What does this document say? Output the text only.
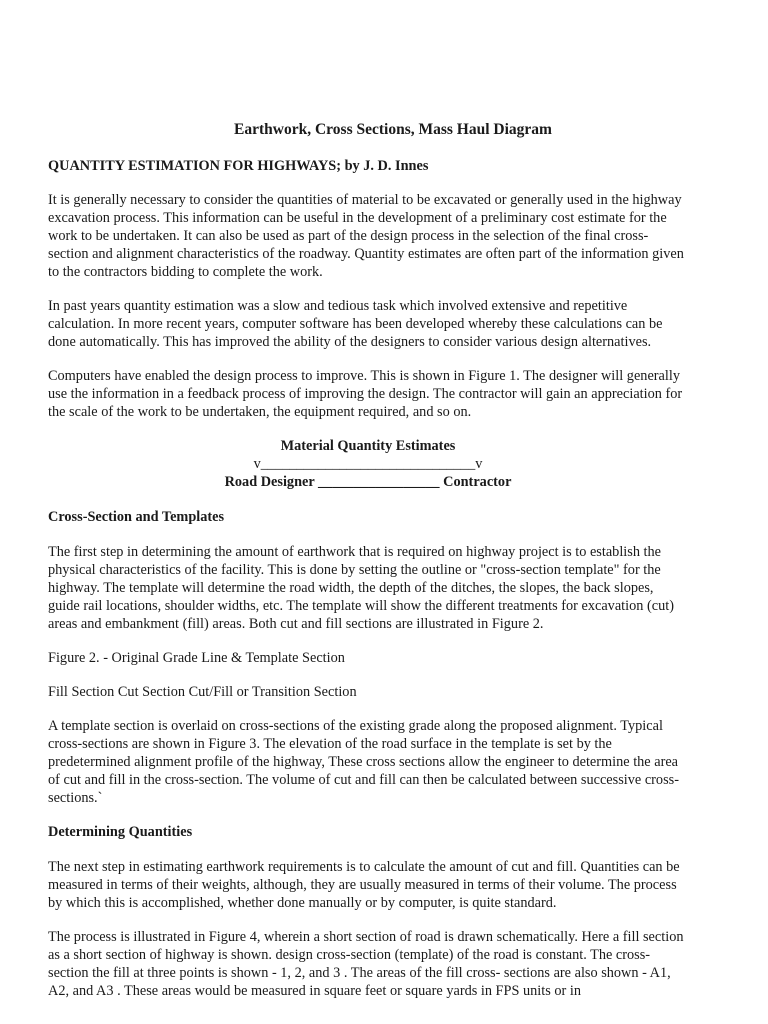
Earthwork, Cross Sections, Mass Haul Diagram
QUANTITY ESTIMATION FOR HIGHWAYS; by J. D. Innes

It is generally necessary to consider the quantities of material to be excavated or generally used in the highway excavation process. This information can be useful in the development of a preliminary cost estimate for the work to be undertaken. It can also be used as part of the design process in the selection of the final cross-section and alignment characteristics of the roadway. Quantity estimates are often part of the information given to the contractors bidding to complete the work.

In past years quantity estimation was a slow and tedious task which involved extensive and repetitive calculation. In more recent years, computer software has been developed whereby these calculations can be done automatically. This has improved the ability of the designers to consider various design alternatives.

Computers have enabled the design process to improve. This is shown in Figure 1. The designer will generally use the information in a feedback process of improving the design. The contractor will gain an appreciation for the scale of the work to be undertaken, the equipment required, and so on.

Material Quantity Estimates
v______________________________v
Road Designer _________________ Contractor
Cross-Section and Templates

The first step in determining the amount of earthwork that is required on highway project is to establish the physical characteristics of the facility. This is done by setting the outline or "cross-section template" for the highway. The template will determine the road width, the depth of the ditches, the slopes, the back slopes, guide rail locations, shoulder widths, etc. The template will show the different treatments for excavation (cut) areas and embankment (fill) areas. Both cut and fill sections are illustrated in Figure 2.

Figure 2. - Original Grade Line & Template Section

Fill Section Cut Section Cut/Fill or Transition Section

A template section is overlaid on cross-sections of the existing grade along the proposed alignment. Typical cross-sections are shown in Figure 3. The elevation of the road surface in the template is set by the predetermined alignment profile of the highway, These cross sections allow the engineer to determine the area of cut and fill in the cross-section. The volume of cut and fill can then be calculated between successive cross-sections.`

Determining Quantities

The next step in estimating earthwork requirements is to calculate the amount of cut and fill. Quantities can be measured in terms of their weights, although, they are usually measured in terms of their volume. The process by which this is accomplished, whether done manually or by computer, is quite standard.

The process is illustrated in Figure 4, wherein a short section of road is drawn schematically. Here a fill section as a short section of highway is shown. design cross-section (template) of the road is constant. The cross-section the fill at three points is shown - 1, 2, and 3 . The areas of the fill cross- sections are also shown - A1, A2, and A3 . These areas would be measured in square feet or square yards in FPS units or in
